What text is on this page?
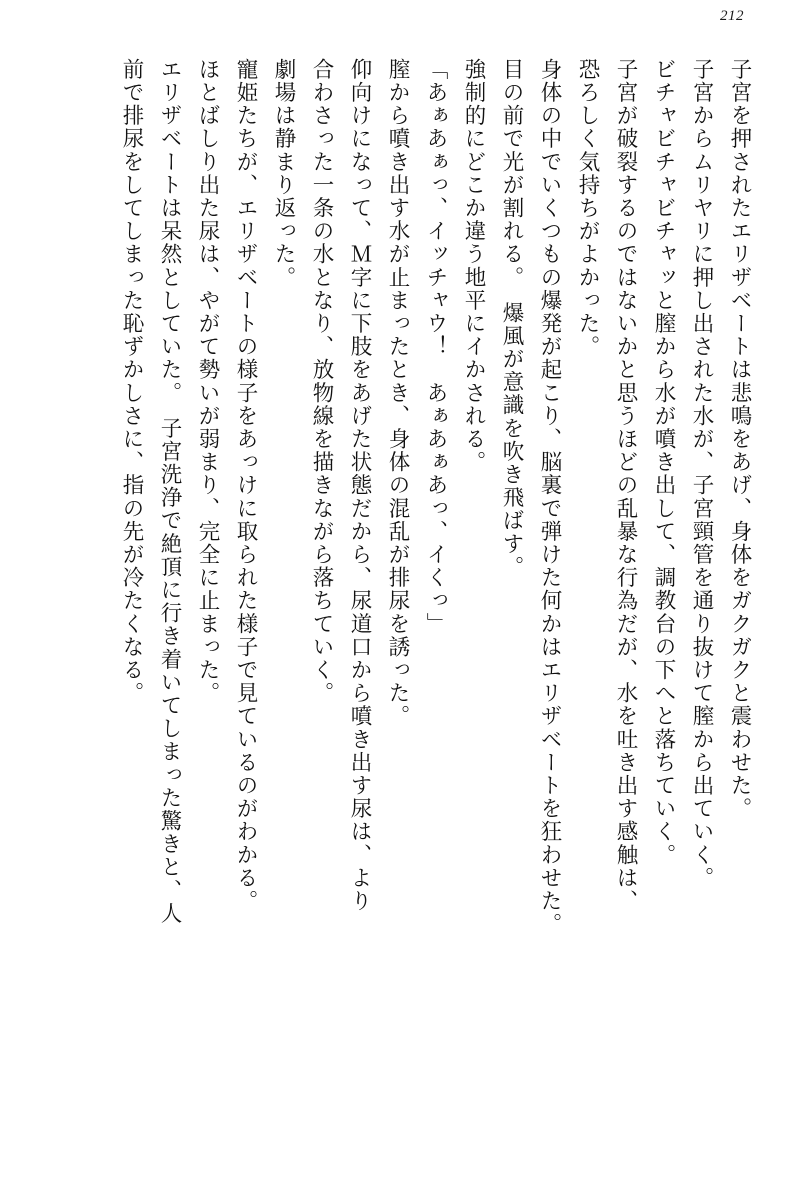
212
子宮を押されたエリザベートは悲鳴をあげ、身体をガクガクと震わせた。
子宮からムリヤリに押し出された水が、子宮頸管を通り抜けて膣から出ていく。
ビチャビチャビチャッと膣から水が噴き出して、調教台の下へと落ちていく。
子宮が破裂するのではないかと思うほどの乱暴な行為だが、水を吐き出す感触は、
恐ろしく気持ちがよかった。
身体の中でいくつもの爆発が起こり、脳裏で弾けた何かはエリザベートを狂わせた。
目の前で光が割れる。　爆風が意識を吹き飛ばす。
強制的にどこか違う地平にイかされる。
「あぁあぁっ、イッチャウ！　あぁあぁあっ、イくっ」
膣から噴き出す水が止まったとき、身体の混乱が排尿を誘った。
仰向けになって、Ｍ字に下肢をあげた状態だから、尿道口から噴き出す尿は、より
合わさった一条の水となり、放物線を描きながら落ちていく。
劇場は静まり返った。
寵姫たちが、エリザベートの様子をあっけに取られた様子で見ているのがわかる。
ほとばしり出た尿は、やがて勢いが弱まり、完全に止まった。
エリザベートは呆然としていた。　子宮洗浄で絶頂に行き着いてしまった驚きと、人
前で排尿をしてしまった恥ずかしさに、指の先が冷たくなる。
